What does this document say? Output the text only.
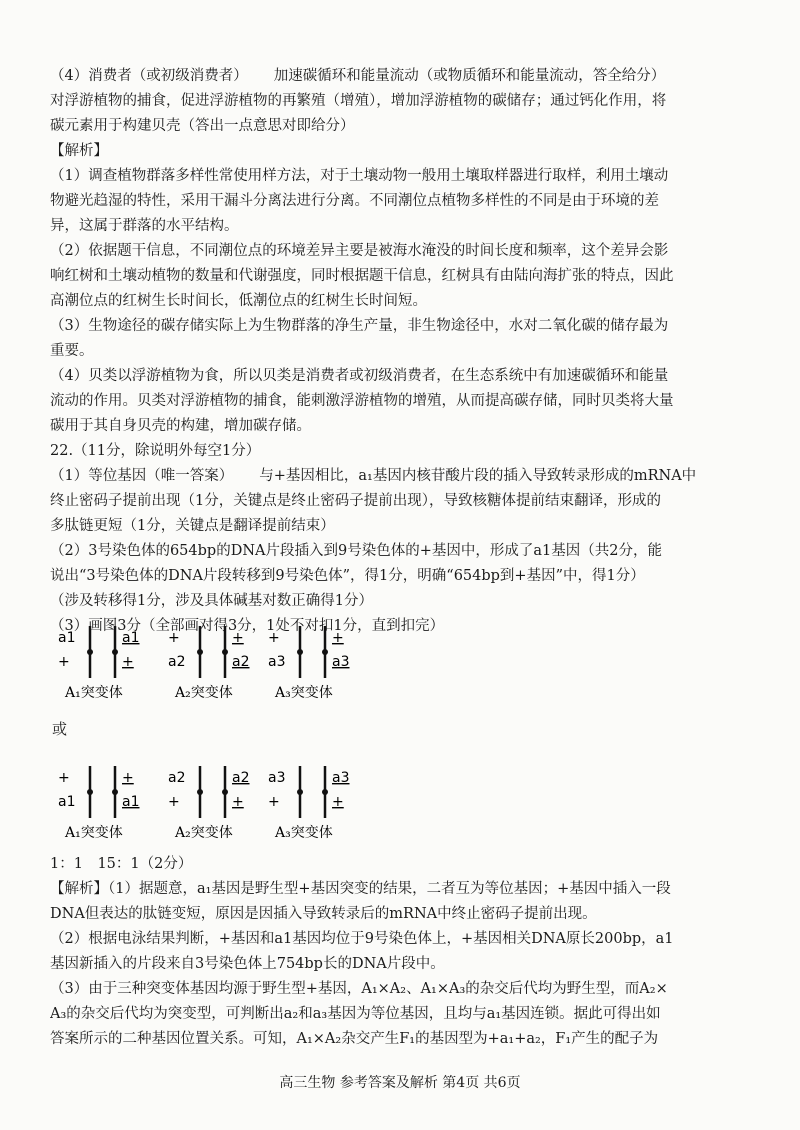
（4）消费者（或初级消费者） 加速碳循环和能量流动（或物质循环和能量流动，答全给分）
对浮游植物的捕食，促进浮游植物的再繁殖（增殖），增加浮游植物的碳储存；通过钙化作用，将
碳元素用于构建贝壳（答出一点意思对即给分）
【解析】
（1）调查植物群落多样性常使用样方法，对于土壤动物一般用土壤取样器进行取样，利用土壤动
物避光趋湿的特性，采用干漏斗分离法进行分离。不同潮位点植物多样性的不同是由于环境的差
异，这属于群落的水平结构。
（2）依据题干信息，不同潮位点的环境差异主要是被海水淹没的时间长度和频率，这个差异会影
响红树和土壤动植物的数量和代谢强度，同时根据题干信息，红树具有由陆向海扩张的特点，因此
高潮位点的红树生长时间长，低潮位点的红树生长时间短。
（3）生物途径的碳存储实际上为生物群落的净生产量，非生物途径中，水对二氧化碳的储存最为
重要。
（4）贝类以浮游植物为食，所以贝类是消费者或初级消费者，在生态系统中有加速碳循环和能量
流动的作用。贝类对浮游植物的捕食，能刺激浮游植物的增殖，从而提高碳存储，同时贝类将大量
碳用于其自身贝壳的构建，增加碳存储。
22.（11分，除说明外每空1分）
（1）等位基因（唯一答案） 与+基因相比，a₁基因内核苷酸片段的插入导致转录形成的mRNA中
终止密码子提前出现（1分，关键点是终止密码子提前出现），导致核糖体提前结束翻译，形成的
多肽链更短（1分，关键点是翻译提前结束）
（2）3号染色体的654bp的DNA片段插入到9号染色体的+基因中，形成了a1基因（共2分，能
说出“3号染色体的DNA片段转移到9号染色体”，得1分，明确“654bp到+基因”中，得1分）
（涉及转移得1分，涉及具体碱基对数正确得1分）
（3）画图3分（全部画对得3分，1处不对扣1分，直到扣完）
a1
+
a1
+
A₁突变体
+
a2
+
a2
A₂突变体
+
a3
+
a3
A₃突变体
或
+
a1
+
a1
A₁突变体
a2
+
a2
+
A₂突变体
a3
+
a3
+
A₃突变体
1：1　15：1（2分）
【解析】（1）据题意，a₁基因是野生型+基因突变的结果，二者互为等位基因；+基因中插入一段
DNA但表达的肽链变短，原因是因插入导致转录后的mRNA中终止密码子提前出现。
（2）根据电泳结果判断，+基因和a1基因均位于9号染色体上，+基因相关DNA原长200bp，a1
基因新插入的片段来自3号染色体上754bp长的DNA片段中。
（3）由于三种突变体基因均源于野生型+基因，A₁×A₂、A₁×A₃的杂交后代均为野生型，而A₂×
A₃的杂交后代均为突变型，可判断出a₂和a₃基因为等位基因，且均与a₁基因连锁。据此可得出如
答案所示的二种基因位置关系。可知，A₁×A₂杂交产生F₁的基因型为+a₁+a₂，F₁产生的配子为
高三生物 参考答案及解析 第4页 共6页
